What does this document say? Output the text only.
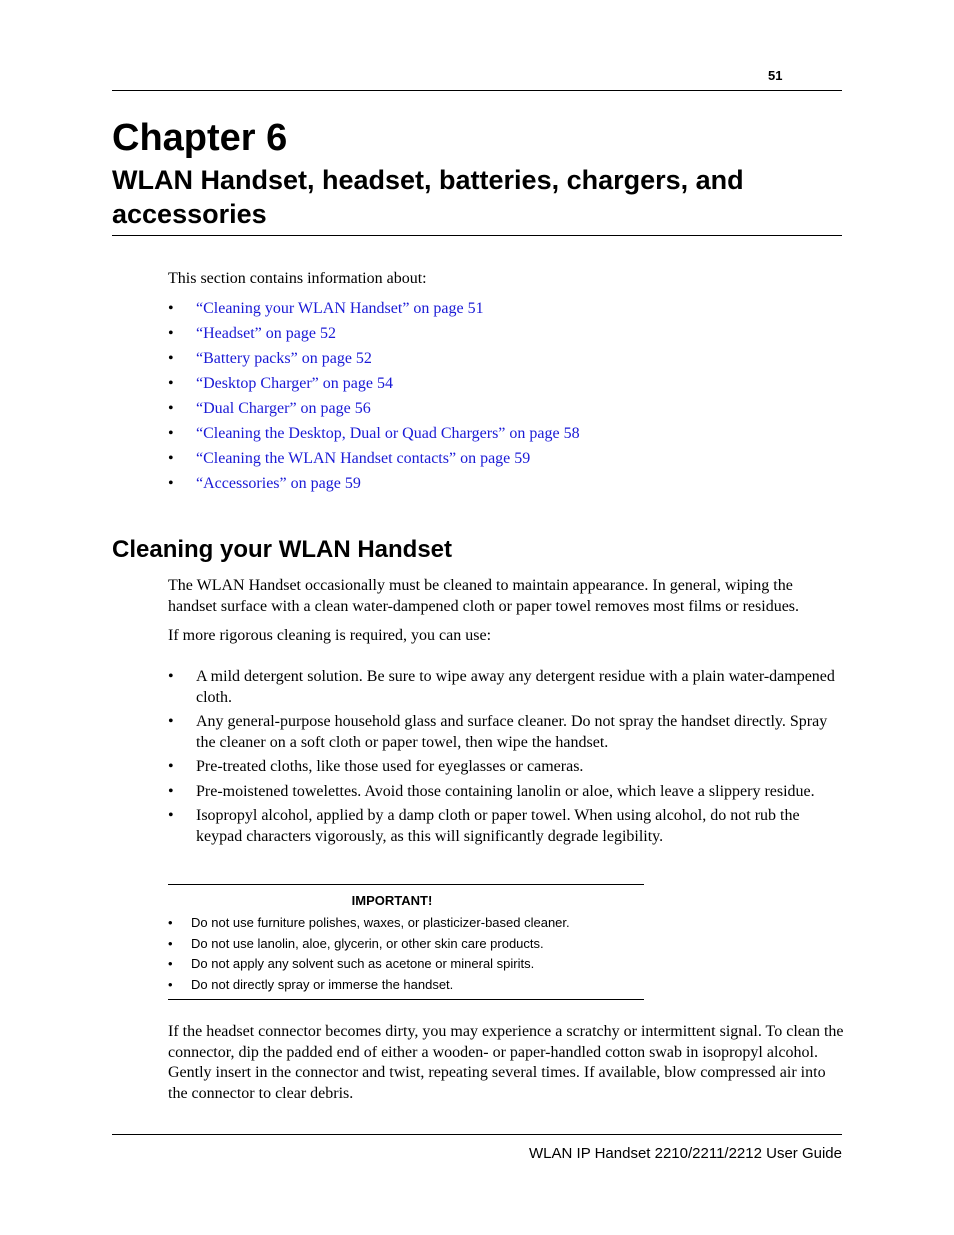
51
Chapter 6
WLAN Handset, headset, batteries, chargers, and accessories

This section contains information about:

• “Cleaning your WLAN Handset” on page 51
• “Headset” on page 52
• “Battery packs” on page 52
• “Desktop Charger” on page 54
• “Dual Charger” on page 56
• “Cleaning the Desktop, Dual or Quad Chargers” on page 58
• “Cleaning the WLAN Handset contacts” on page 59
• “Accessories” on page 59
Cleaning your WLAN Handset

The WLAN Handset occasionally must be cleaned to maintain appearance. In general, wiping the handset surface with a clean water-dampened cloth or paper towel removes most films or residues.

If more rigorous cleaning is required, you can use:

• A mild detergent solution. Be sure to wipe away any detergent residue with a plain water-dampened cloth.
• Any general-purpose household glass and surface cleaner. Do not spray the handset directly. Spray the cleaner on a soft cloth or paper towel, then wipe the handset.
• Pre-treated cloths, like those used for eyeglasses or cameras.
• Pre-moistened towelettes. Avoid those containing lanolin or aloe, which leave a slippery residue.
• Isopropyl alcohol, applied by a damp cloth or paper towel. When using alcohol, do not rub the keypad characters vigorously, as this will significantly degrade legibility.

IMPORTANT!

• Do not use furniture polishes, waxes, or plasticizer-based cleaner.
• Do not use lanolin, aloe, glycerin, or other skin care products.
• Do not apply any solvent such as acetone or mineral spirits.
• Do not directly spray or immerse the handset.

If the headset connector becomes dirty, you may experience a scratchy or intermittent signal. To clean the connector, dip the padded end of either a wooden- or paper-handled cotton swab in isopropyl alcohol. Gently insert in the connector and twist, repeating several times. If available, blow compressed air into the connector to clear debris.

WLAN IP Handset 2210/2211/2212 User Guide
